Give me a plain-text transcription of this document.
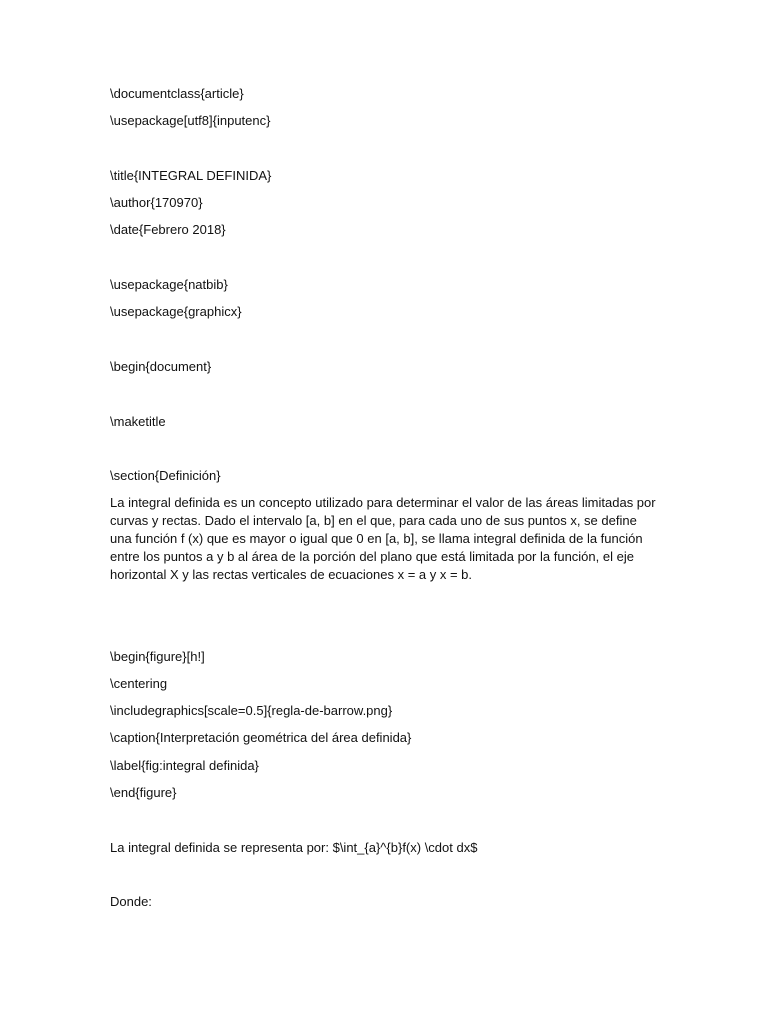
\documentclass{article}
\usepackage[utf8]{inputenc}
\title{INTEGRAL DEFINIDA}
\author{170970}
\date{Febrero 2018}
\usepackage{natbib}
\usepackage{graphicx}
\begin{document}
\maketitle
\section{Definición}
La integral definida es un concepto utilizado para determinar el valor de las áreas limitadas por curvas y rectas. Dado el intervalo [a, b] en el que, para cada uno de sus puntos x, se define una función f (x) que es mayor o igual que 0 en [a, b], se llama integral definida de la función entre los puntos a y b al área de la porción del plano que está limitada por la función, el eje horizontal X y las rectas verticales de ecuaciones x = a y x = b.
\begin{figure}[h!]
\centering
\includegraphics[scale=0.5]{regla-de-barrow.png}
\caption{Interpretación geométrica del área definida}
\label{fig:integral definida}
\end{figure}
La integral definida se representa por: $\int_{a}^{b}f(x) \cdot dx$
Donde:
